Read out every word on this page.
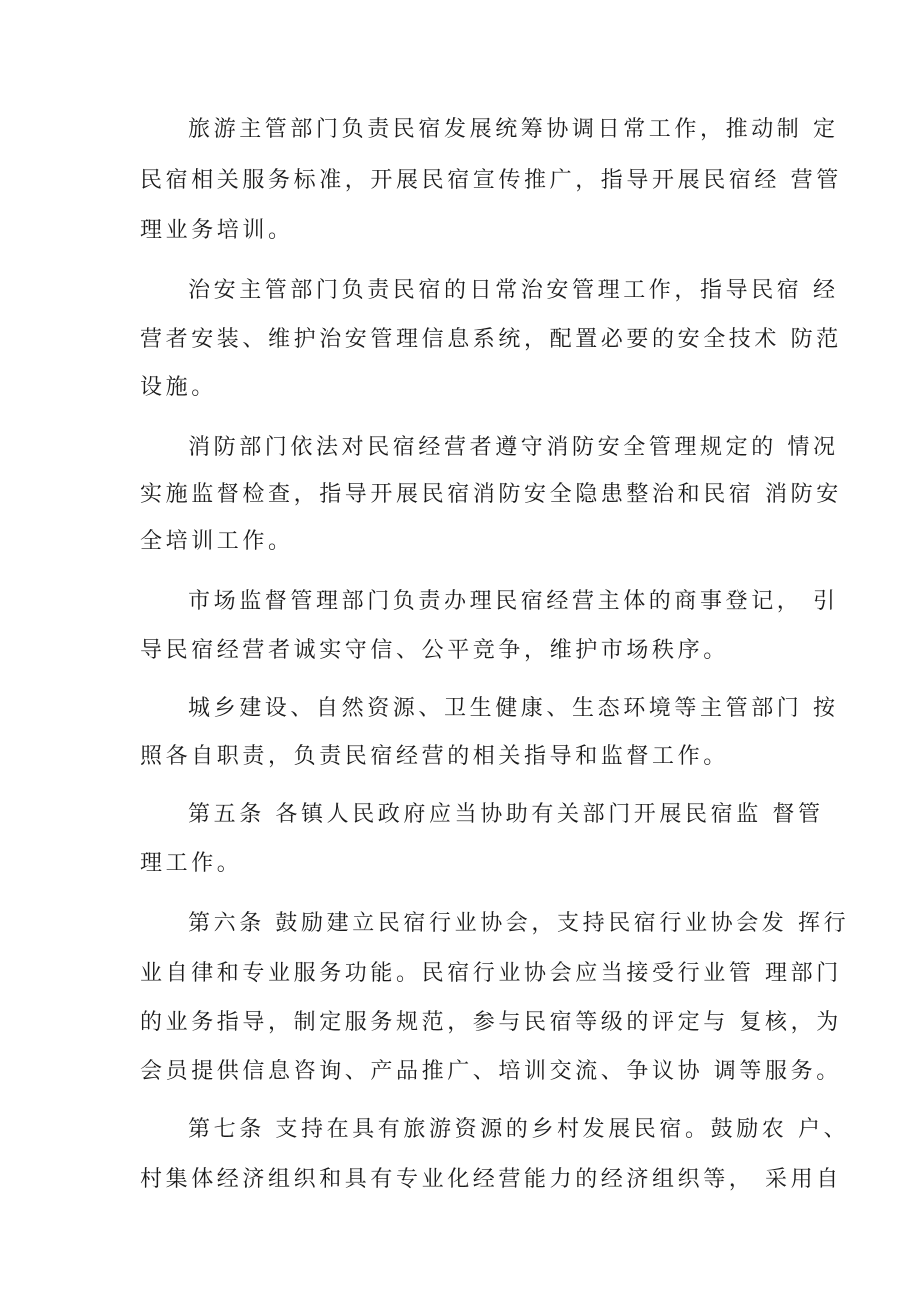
旅游主管部门负责民宿发展统筹协调日常工作，推动制 定
民宿相关服务标准，开展民宿宣传推广，指导开展民宿经 营管
理业务培训。
治安主管部门负责民宿的日常治安管理工作，指导民宿 经
营者安装、维护治安管理信息系统，配置必要的安全技术 防范
设施。
消防部门依法对民宿经营者遵守消防安全管理规定的 情况
实施监督检查，指导开展民宿消防安全隐患整治和民宿 消防安
全培训工作。
市场监督管理部门负责办理民宿经营主体的商事登记， 引
导民宿经营者诚实守信、公平竞争，维护市场秩序。
城乡建设、自然资源、卫生健康、生态环境等主管部门 按
照各自职责，负责民宿经营的相关指导和监督工作。
第五条 各镇人民政府应当协助有关部门开展民宿监 督管
理工作。
第六条 鼓励建立民宿行业协会，支持民宿行业协会发 挥行
业自律和专业服务功能。民宿行业协会应当接受行业管 理部门
的业务指导，制定服务规范，参与民宿等级的评定与 复核，为
会员提供信息咨询、产品推广、培训交流、争议协 调等服务。
第七条 支持在具有旅游资源的乡村发展民宿。鼓励农 户、
村集体经济组织和具有专业化经营能力的经济组织等， 采用自
